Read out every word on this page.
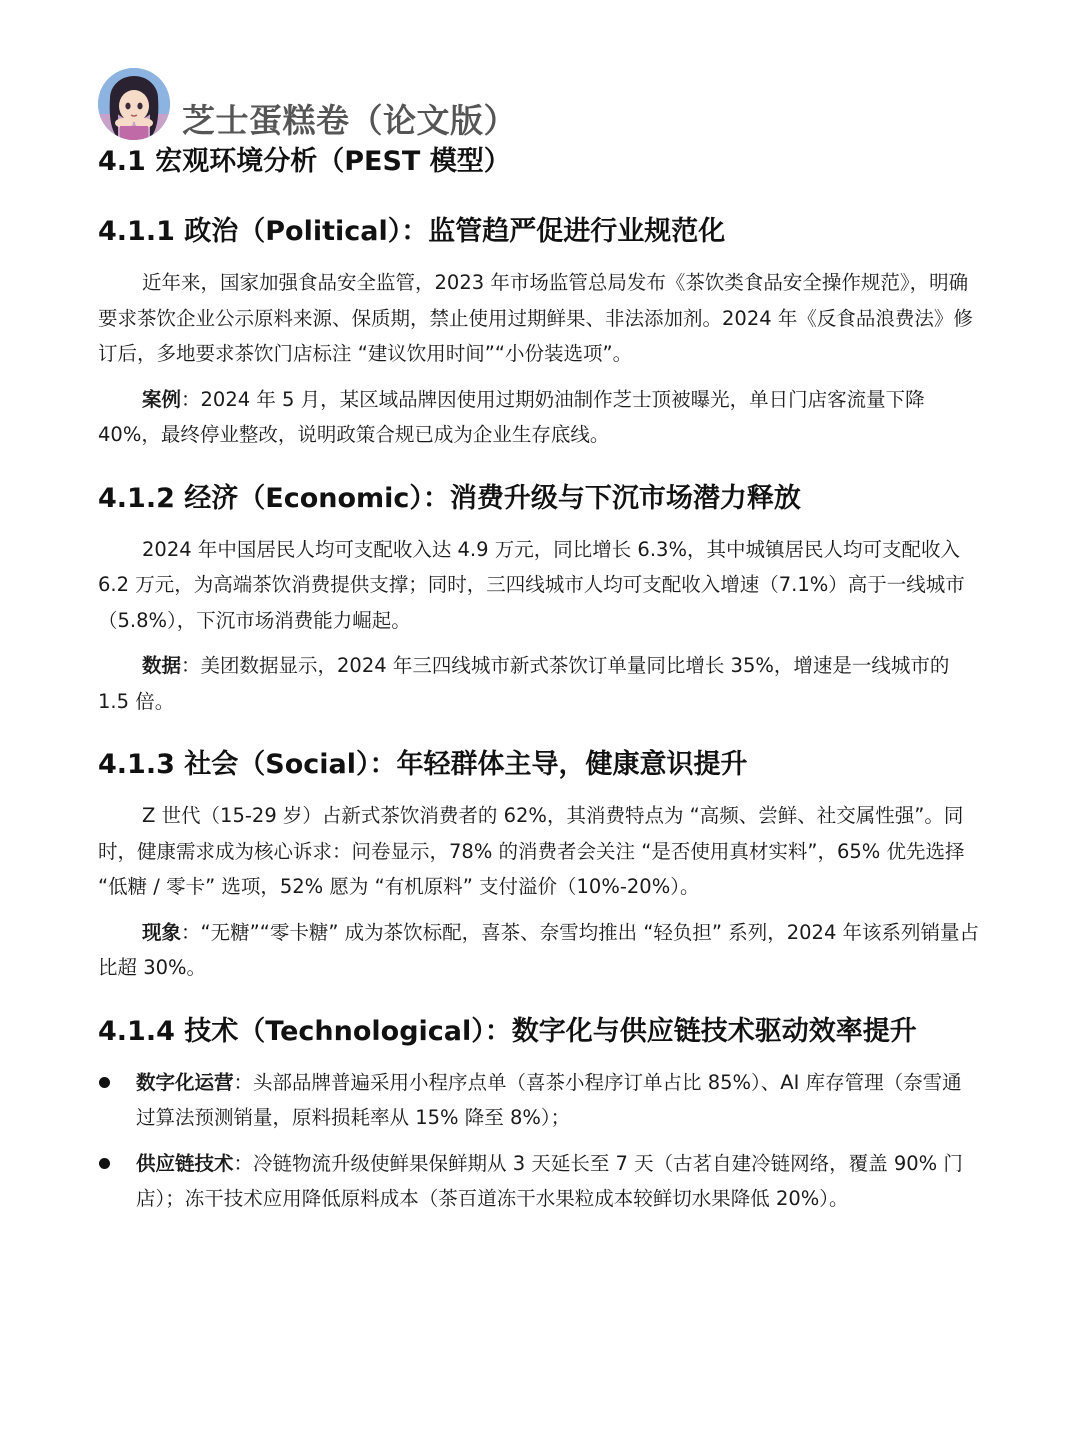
芝士蛋糕卷（论文版）
4.1 宏观环境分析（PEST 模型）
4.1.1 政治（Political）：监管趋严促进行业规范化

近年来，国家加强食品安全监管，2023 年市场监管总局发布《茶饮类食品安全操作规范》，明确要求茶饮企业公示原料来源、保质期，禁止使用过期鲜果、非法添加剂。2024 年《反食品浪费法》修订后，多地要求茶饮门店标注 “建议饮用时间”“小份装选项”。

案例：2024 年 5 月，某区域品牌因使用过期奶油制作芝士顶被曝光，单日门店客流量下降 40%，最终停业整改，说明政策合规已成为企业生存底线。

4.1.2 经济（Economic）：消费升级与下沉市场潜力释放

2024 年中国居民人均可支配收入达 4.9 万元，同比增长 6.3%，其中城镇居民人均可支配收入 6.2 万元，为高端茶饮消费提供支撑；同时，三四线城市人均可支配收入增速（7.1%）高于一线城市（5.8%），下沉市场消费能力崛起。

数据：美团数据显示，2024 年三四线城市新式茶饮订单量同比增长 35%，增速是一线城市的 1.5 倍。

4.1.3 社会（Social）：年轻群体主导，健康意识提升

Z 世代（15-29 岁）占新式茶饮消费者的 62%，其消费特点为 “高频、尝鲜、社交属性强”。同时，健康需求成为核心诉求：问卷显示，78% 的消费者会关注 “是否使用真材实料”，65% 优先选择 “低糖 / 零卡” 选项，52% 愿为 “有机原料” 支付溢价（10%-20%）。

现象：“无糖”“零卡糖” 成为茶饮标配，喜茶、奈雪均推出 “轻负担” 系列，2024 年该系列销量占比超 30%。

4.1.4 技术（Technological）：数字化与供应链技术驱动效率提升
数字化运营：头部品牌普遍采用小程序点单（喜茶小程序订单占比 85%）、AI 库存管理（奈雪通过算法预测销量，原料损耗率从 15% 降至 8%）；
供应链技术：冷链物流升级使鲜果保鲜期从 3 天延长至 7 天（古茗自建冷链网络，覆盖 90% 门店）；冻干技术应用降低原料成本（茶百道冻干水果粒成本较鲜切水果降低 20%）。
